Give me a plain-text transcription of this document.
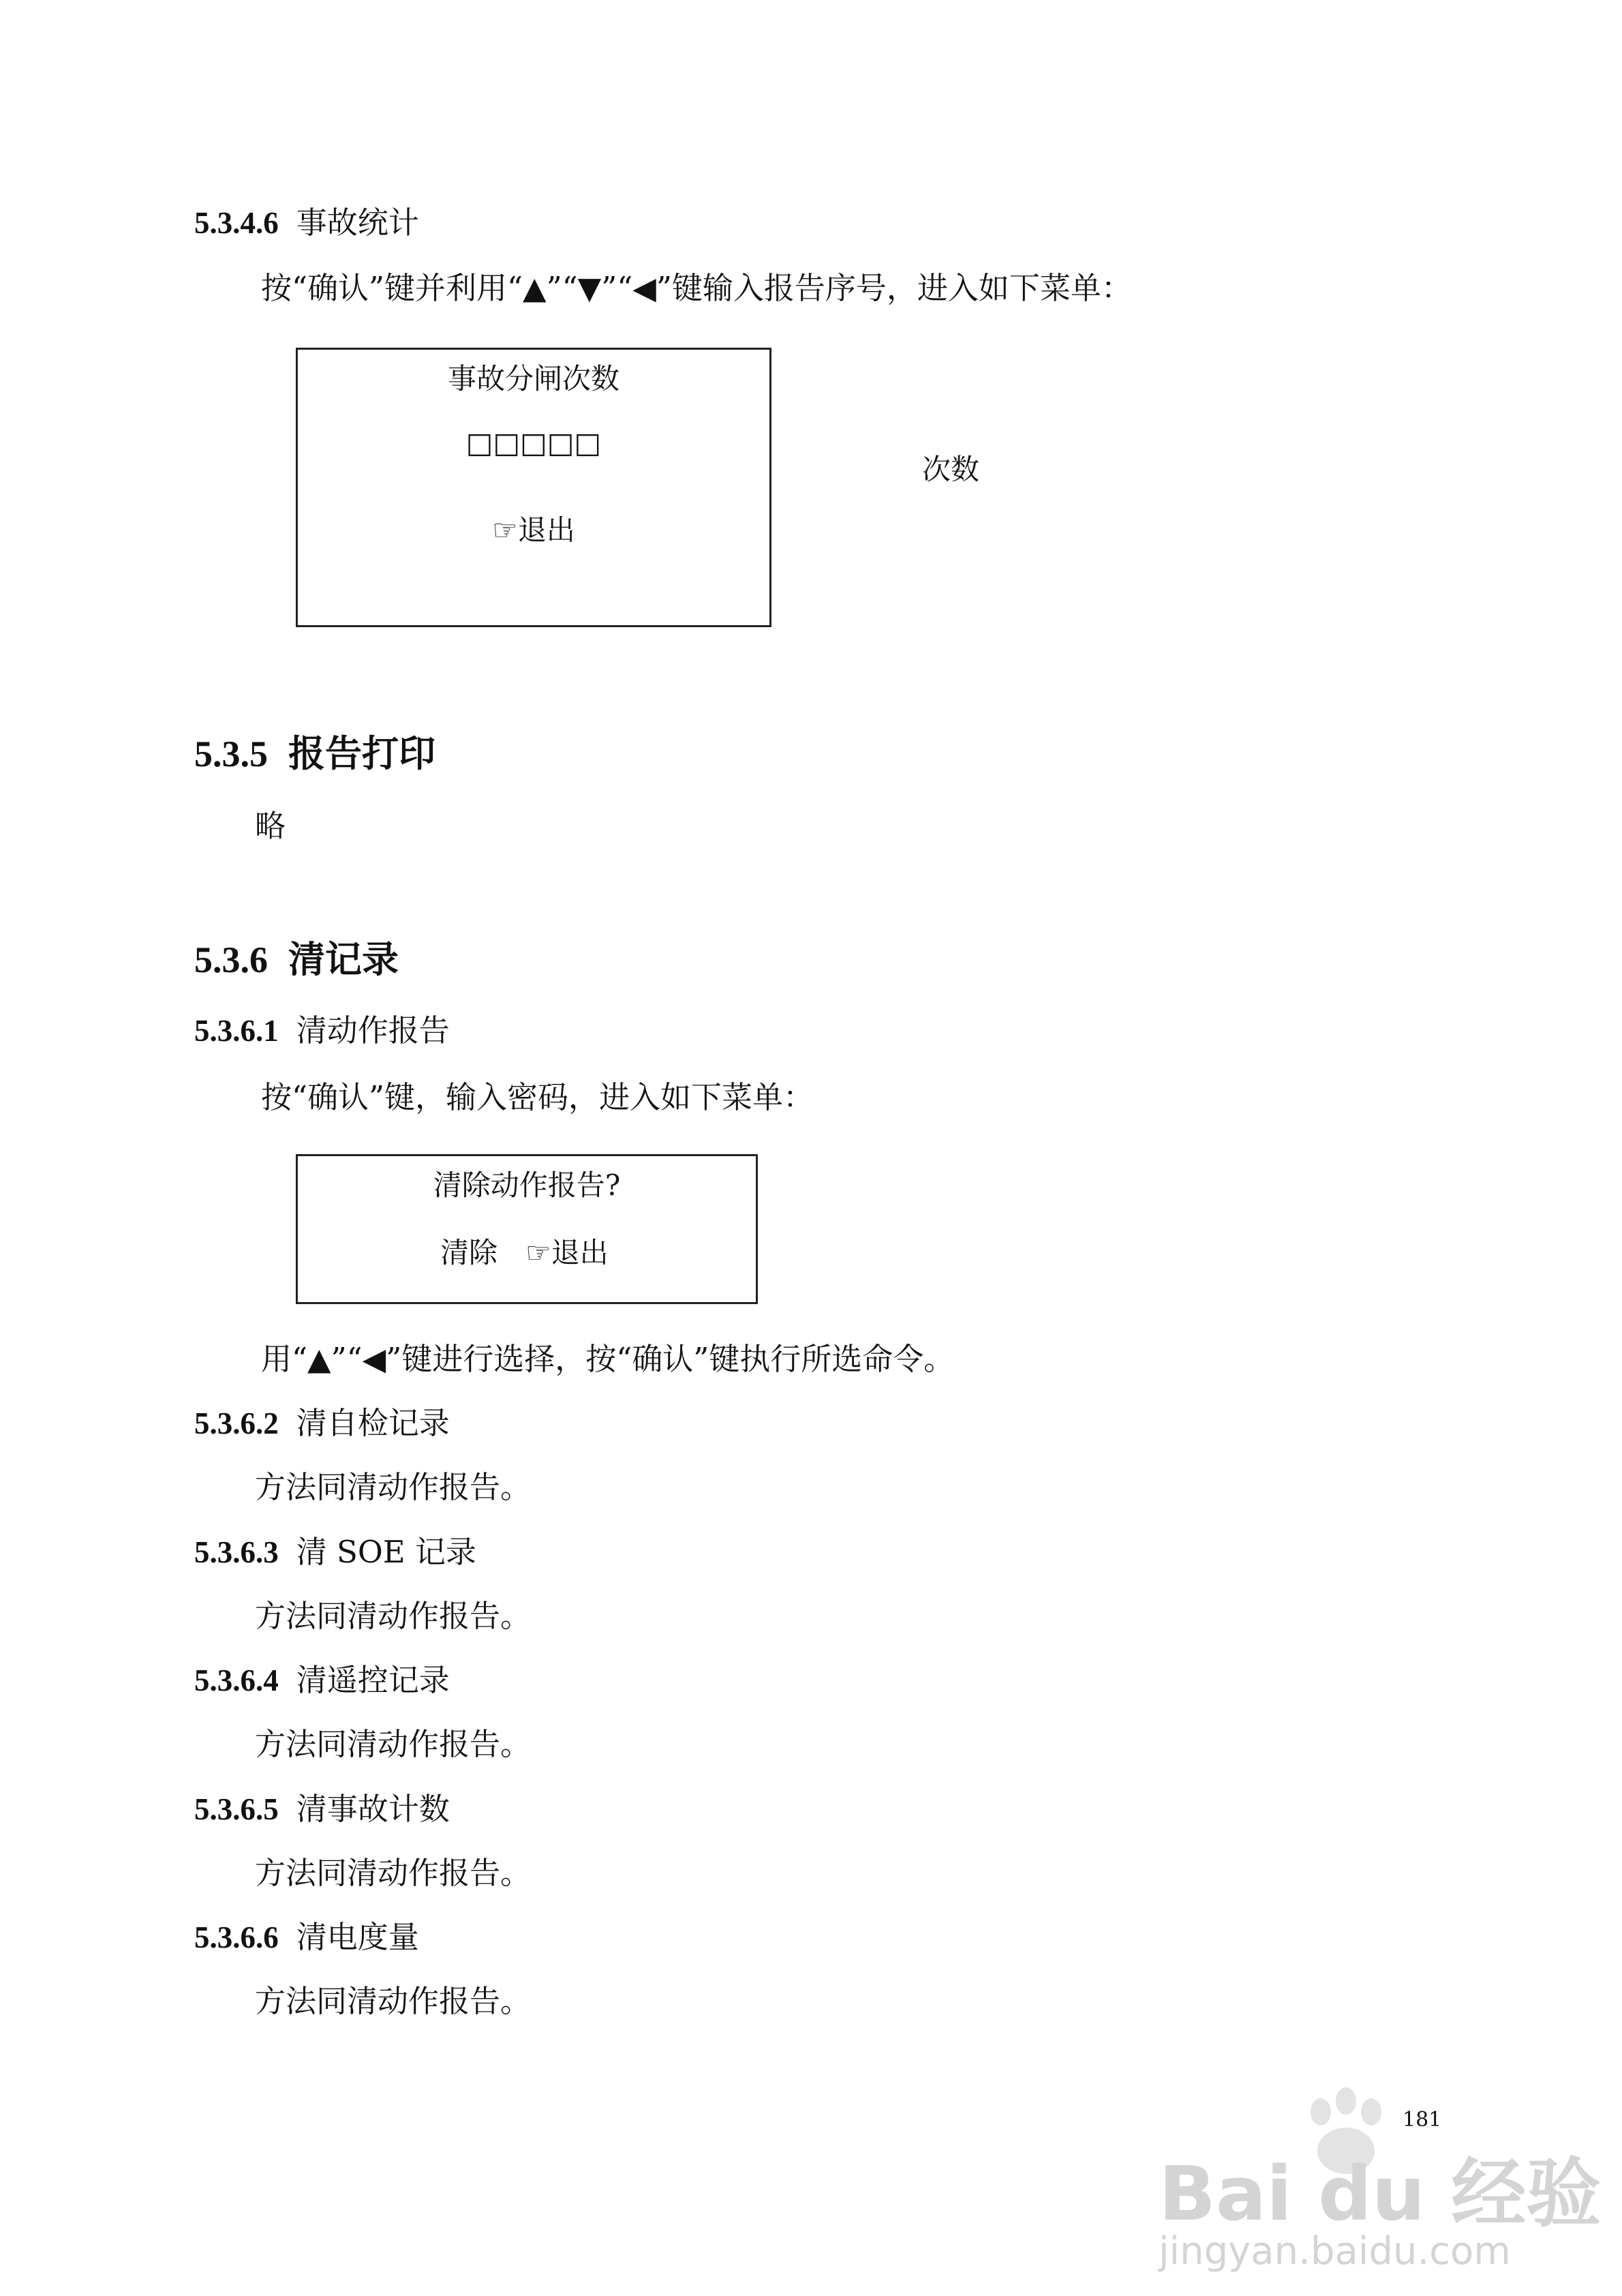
5.3.4.6 事故统计
按“确认”键并利用“▲”“▼”“◀”键输入报告序号，进入如下菜单：
事故分闸次数
□□□□□
☞退出
次数
5.3.5 报告打印
略
5.3.6 清记录
5.3.6.1 清动作报告
按“确认”键，输入密码，进入如下菜单：
清除动作报告?
清除 ☞退出
用“▲”“◀”键进行选择，按“确认”键执行所选命令。
5.3.6.2 清自检记录
方法同清动作报告。
5.3.6.3 清 SOE 记录
方法同清动作报告。
5.3.6.4 清遥控记录
方法同清动作报告。
5.3.6.5 清事故计数
方法同清动作报告。
5.3.6.6 清电度量
方法同清动作报告。
Bai du 经验
jingyan.baidu.com
181
